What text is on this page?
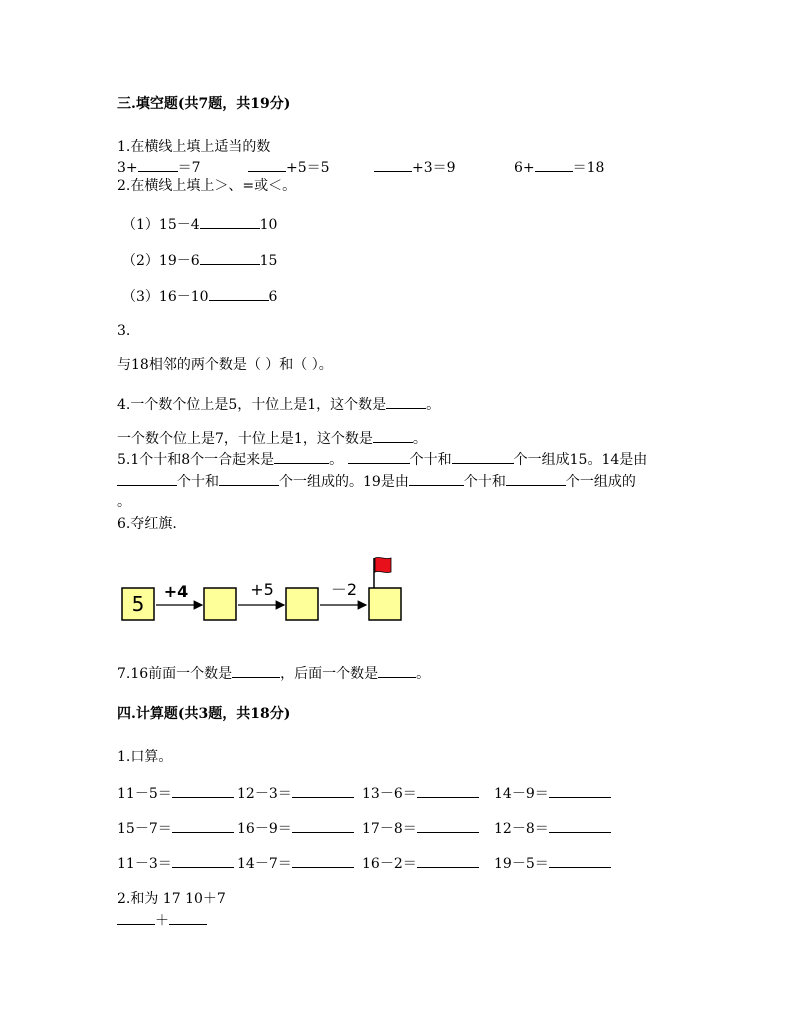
三.填空题(共7题，共19分)
1.在横线上填上适当的数
3+	＝7	+5＝5	+3＝9	6+	＝18
2.在横线上填上＞、=或＜。
（1）15－4	10
（2）19－6	15
（3）16－10	6
3.
与18相邻的两个数是（ ）和（ ）。
4.一个数个位上是5，十位上是1，这个数是	。
一个数个位上是7，十位上是1，这个数是	。
5.1个十和8个一合起来是	。	个十和	个一组成15。14是由
个十和	个一组成的。19是由	个十和	个一组成的
。
6.夺红旗.
5
+4	+5	－2
7.16前面一个数是	，后面一个数是	。
四.计算题(共3题，共18分)
1.口算。
11－5＝	12－3＝	13－6＝	14－9＝
15－7＝	16－9＝	17－8＝	12－8＝
11－3＝	14－7＝	16－2＝	19－5＝
2.和为 17 10＋7
＋
